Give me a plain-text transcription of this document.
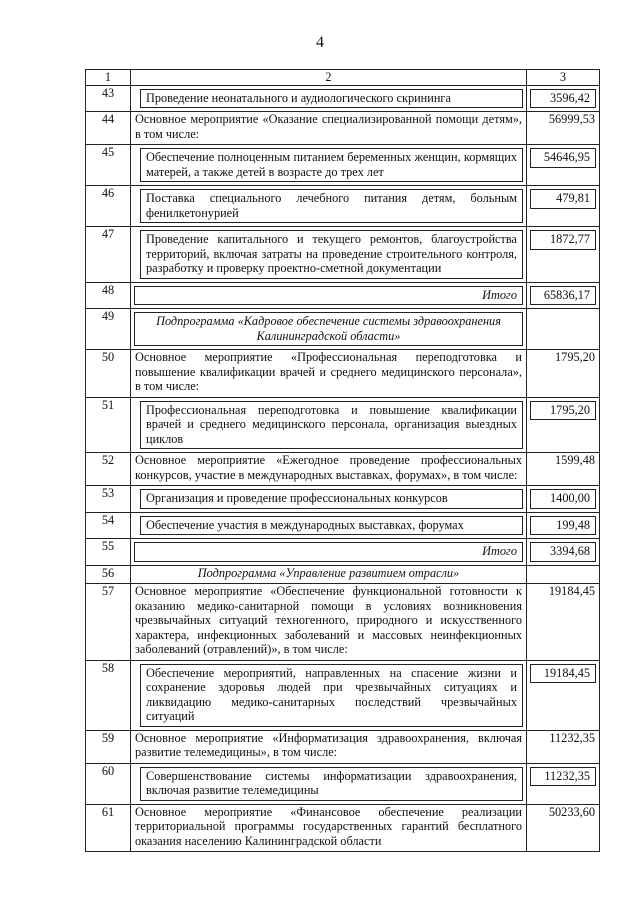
4
1	2	3
43	Проведение неонатального и аудиологического скрининга	3596,42

44	Основное мероприятие «Оказание специализированной помощи детям», в том числе:	56999,53
45	Обеспечение полноценным питанием беременных женщин, кормящих матерей, а также детей в возрасте до трех лет	54646,95

46	Поставка специального лечебного питания детям, больным фенилкетонурией	479,81

47	Проведение капитального и текущего ремонтов, благоустройства территорий, включая затраты на проведение строительного контроля, разработку и проверку проектно-сметной документации	1872,77

48	Итого	65836,17

49	Подпрограмма «Кадровое обеспечение системы здравоохранения Калининградской области»	

50	Основное мероприятие «Профессиональная переподготовка и повышение квалификации врачей и среднего медицинского персонала», в том числе:	1795,20
51	Профессиональная переподготовка и повышение квалификации врачей и среднего медицинского персонала, организация выездных циклов	1795,20

52	Основное мероприятие «Ежегодное проведение профессиональных конкурсов, участие в международных выставках, форумах», в том числе:	1599,48
53	Организация и проведение профессиональных конкурсов	1400,00

54	Обеспечение участия в международных выставках, форумах	199,48

55	Итого	3394,68

56	Подпрограмма «Управление развитием отрасли»	
57	Основное мероприятие «Обеспечение функциональной готовности к оказанию медико-санитарной помощи в условиях возникновения чрезвычайных ситуаций техногенного, природного и искусственного характера, инфекционных заболеваний и массовых неинфекционных заболеваний (отравлений)», в том числе:	19184,45
58	Обеспечение мероприятий, направленных на спасение жизни и сохранение здоровья людей при чрезвычайных ситуациях и ликвидацию медико-санитарных последствий чрезвычайных ситуаций	19184,45

59	Основное мероприятие «Информатизация здравоохранения, включая развитие телемедицины», в том числе:	11232,35
60	Совершенствование системы информатизации здравоохранения, включая развитие телемедицины	11232,35

61	Основное мероприятие «Финансовое обеспечение реализации территориальной программы государственных гарантий бесплатного оказания населению Калининградской области	50233,60
